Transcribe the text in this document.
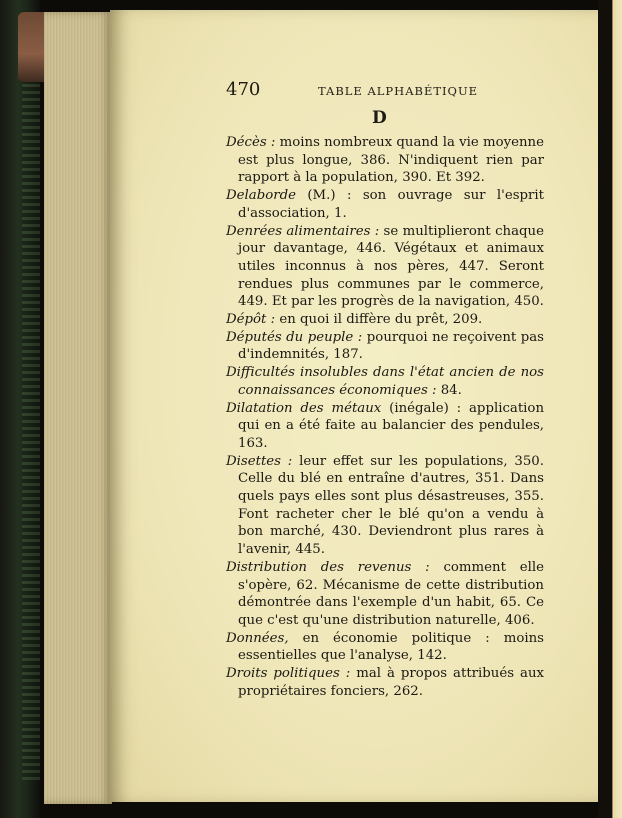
470	TABLE ALPHABÉTIQUE
D

Décès : moins nombreux quand la vie moyenne est plus longue, 386. N'indiquent rien par rapport à la population, 390. Et 392.

Delaborde (M.) : son ouvrage sur l'esprit d'association, 1.

Denrées alimentaires : se multiplieront chaque jour davantage, 446. Végétaux et animaux utiles inconnus à nos pères, 447. Seront rendues plus communes par le commerce, 449. Et par les progrès de la navigation, 450.

Dépôt : en quoi il diffère du prêt, 209.

Députés du peuple : pourquoi ne reçoivent pas d'indemnités, 187.

Difficultés insolubles dans l'état ancien de nos connaissances économiques : 84.

Dilatation des métaux (inégale) : application qui en a été faite au balancier des pendules, 163.

Disettes : leur effet sur les populations, 350. Celle du blé en entraîne d'autres, 351. Dans quels pays elles sont plus désastreuses, 355. Font racheter cher le blé qu'on a vendu à bon marché, 430. Deviendront plus rares à l'avenir, 445.

Distribution des revenus : comment elle s'opère, 62. Mécanisme de cette distribution démontrée dans l'exemple d'un habit, 65. Ce que c'est qu'une distribution naturelle, 406.

Données, en économie politique : moins essentielles que l'analyse, 142.

Droits politiques : mal à propos attribués aux propriétaires fonciers, 262.
